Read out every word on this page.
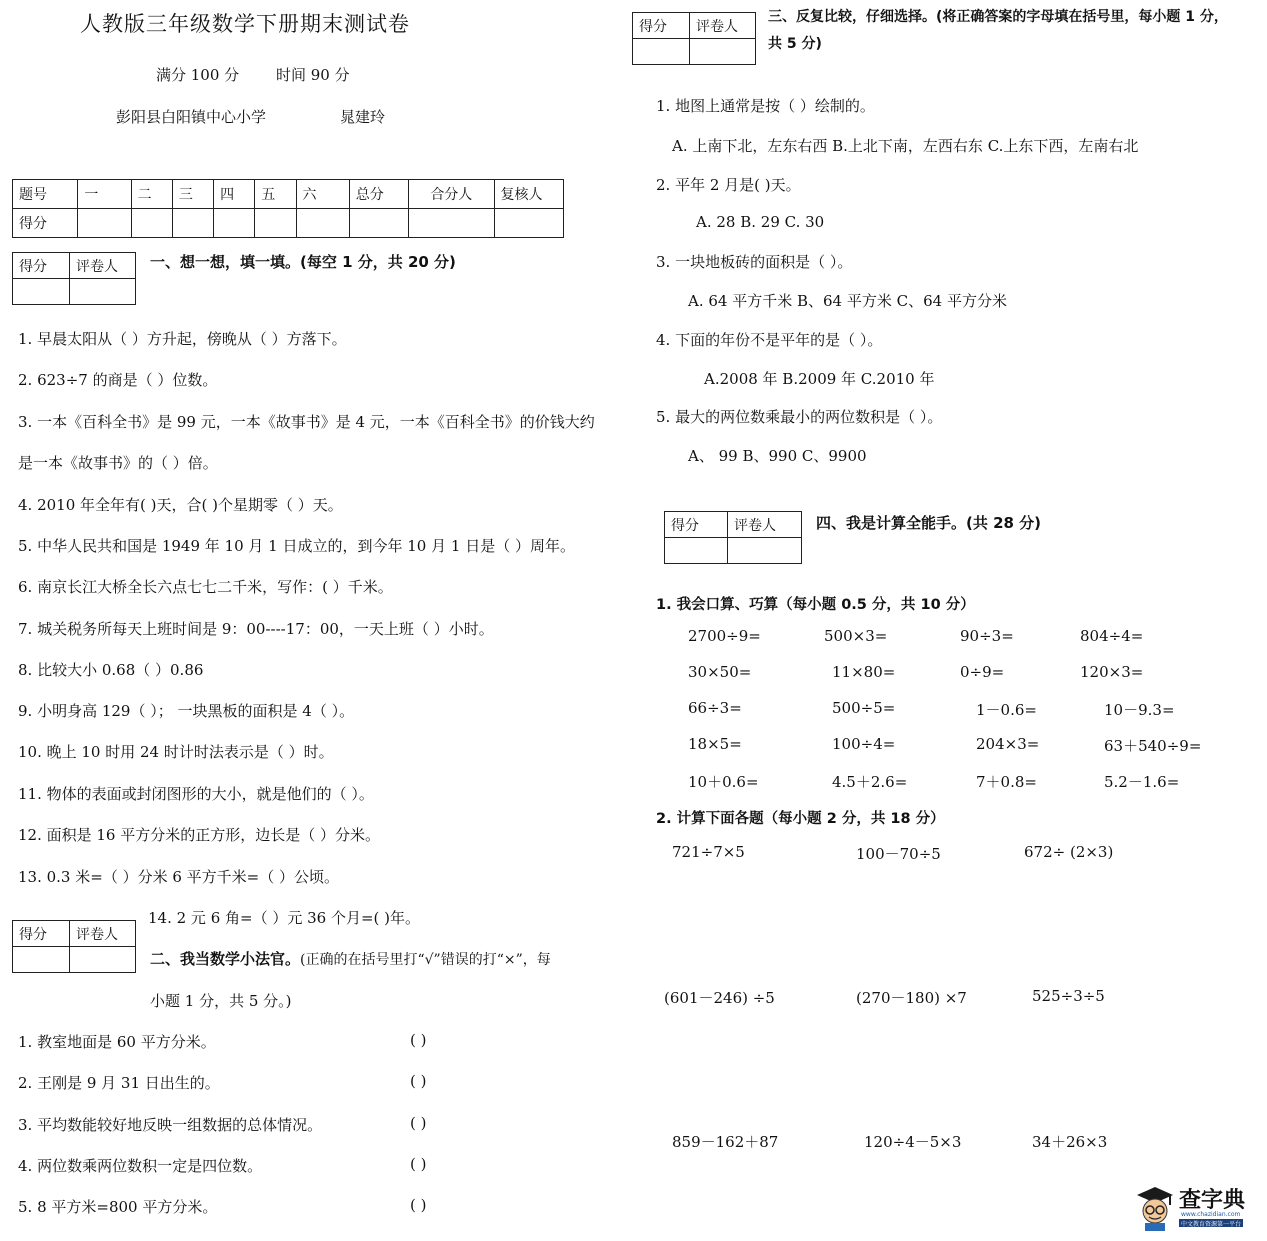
人教版三年级数学下册期末测试卷
满分 100 分 时间 90 分
彭阳县白阳镇中心小学	晁建玲
题号	一	二	三	四	五	六	总分	合分人	复核人
得分									
得分	评卷人
	一、想一想，填一填。(每空 1 分，共 20 分)
1. 早晨太阳从（ ）方升起，傍晚从（ ）方落下。
2. 623÷7 的商是（ ）位数。
3. 一本《百科全书》是 99 元，一本《故事书》是 4 元，一本《百科全书》的价钱大约
是一本《故事书》的（ ）倍。
4. 2010 年全年有( )天，合( )个星期零（ ）天。
5. 中华人民共和国是 1949 年 10 月 1 日成立的，到今年 10 月 1 日是（ ）周年。
6. 南京长江大桥全长六点七七二千米，写作：( ）千米。
7. 城关税务所每天上班时间是 9：00----17：00，一天上班（ ）小时。
8. 比较大小 0.68（ ）0.86
9. 小明身高 129（ ）； 一块黑板的面积是 4（ ）。
10. 晚上 10 时用 24 时计时法表示是（ ）时。
11. 物体的表面或封闭图形的大小，就是他们的（ ）。
12. 面积是 16 平方分米的正方形，边长是（ ）分米。
13. 0.3 米=（ ）分米 6 平方千米=（ ）公顷。
14. 2 元 6 角=（ ）元 36 个月=( )年。
得分	评卷人

二、我当数学小法官。(正确的在括号里打“√”错误的打“×”，每
小题 1 分，共 5 分。)
1. 教室地面是 60 平方分米。	( )
2. 王刚是 9 月 31 日出生的。	( )
3. 平均数能较好地反映一组数据的总体情况。	( )
4. 两位数乘两位数积一定是四位数。	( )
5. 8 平方米=800 平方分米。	( )
得分	评卷人

三、反复比较，仔细选择。(将正确答案的字母填在括号里，每小题 1 分，
共 5 分)
1. 地图上通常是按（ ）绘制的。
A. 上南下北，左东右西 B.上北下南，左西右东 C.上东下西，左南右北
2. 平年 2 月是( )天。
A. 28 B. 29 C. 30
3. 一块地板砖的面积是（ ）。
A. 64 平方千米 B、64 平方米 C、64 平方分米
4. 下面的年份不是平年的是（ ）。
A.2008 年 B.2009 年 C.2010 年
5. 最大的两位数乘最小的两位数积是（ ）。
A、 99 B、990 C、9900
得分	评卷人
		四、我是计算全能手。(共 28 分)
1. 我会口算、巧算（每小题 0.5 分，共 10 分）
2700÷9=	500×3=	90÷3=	804÷4=
30×50=	11×80=	0÷9=	120×3=
66÷3=	500÷5=	1－0.6=	10－9.3=
18×5=	100÷4=	204×3=	63＋540÷9=
10＋0.6=	4.5＋2.6=	7＋0.8=	5.2－1.6=
2. 计算下面各题（每小题 2 分，共 18 分）
721÷7×5	100－70÷5	672÷ (2×3)
(601－246) ÷5	(270－180) ×7	525÷3÷5
859－162＋87	120÷4－5×3	34＋26×3
查字典
www.chazidian.com
中文教育资源第一平台
